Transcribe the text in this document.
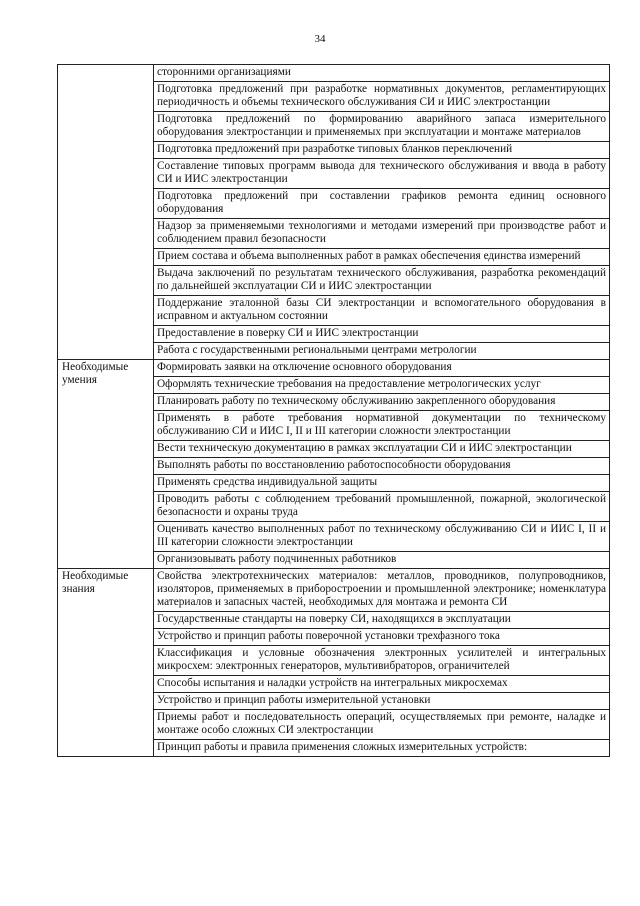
34
	сторонними организациями
	Подготовка предложений при разработке нормативных документов, регламентирующих периодичность и объемы технического обслуживания СИ и ИИС электростанции
	Подготовка предложений по формированию аварийного запаса измерительного оборудования электростанции и применяемых при эксплуатации и монтаже материалов
	Подготовка предложений при разработке типовых бланков переключений
	Составление типовых программ вывода для технического обслуживания и ввода в работу СИ и ИИС электростанции
	Подготовка предложений при составлении графиков ремонта единиц основного оборудования
	Надзор за применяемыми технологиями и методами измерений при производстве работ и соблюдением правил безопасности
	Прием состава и объема выполненных работ в рамках обеспечения единства измерений
	Выдача заключений по результатам технического обслуживания, разработка рекомендаций по дальнейшей эксплуатации СИ и ИИС электростанции
	Поддержание эталонной базы СИ электростанции и вспомогательного оборудования в исправном и актуальном состоянии
	Предоставление в поверку СИ и ИИС электростанции
	Работа с государственными региональными центрами метрологии
Необходимые умения	Формировать заявки на отключение основного оборудования
	Оформлять технические требования на предоставление метрологических услуг
	Планировать работу по техническому обслуживанию закрепленного оборудования
	Применять в работе требования нормативной документации по техническому обслуживанию СИ и ИИС I, II и III категории сложности электростанции
	Вести техническую документацию в рамках эксплуатации СИ и ИИС электростанции
	Выполнять работы по восстановлению работоспособности оборудования
	Применять средства индивидуальной защиты
	Проводить работы с соблюдением требований промышленной, пожарной, экологической безопасности и охраны труда
	Оценивать качество выполненных работ по техническому обслуживанию СИ и ИИС I, II и III категории сложности электростанции
	Организовывать работу подчиненных работников
Необходимые знания	Свойства электротехнических материалов: металлов, проводников, полупроводников, изоляторов, применяемых в приборостроении и промышленной электронике; номенклатура материалов и запасных частей, необходимых для монтажа и ремонта СИ
	Государственные стандарты на поверку СИ, находящихся в эксплуатации
	Устройство и принцип работы поверочной установки трехфазного тока
	Классификация и условные обозначения электронных усилителей и интегральных микросхем: электронных генераторов, мультивибраторов, ограничителей
	Способы испытания и наладки устройств на интегральных микросхемах
	Устройство и принцип работы измерительной установки
	Приемы работ и последовательность операций, осуществляемых при ремонте, наладке и монтаже особо сложных СИ электростанции
	Принцип работы и правила применения сложных измерительных устройств:
